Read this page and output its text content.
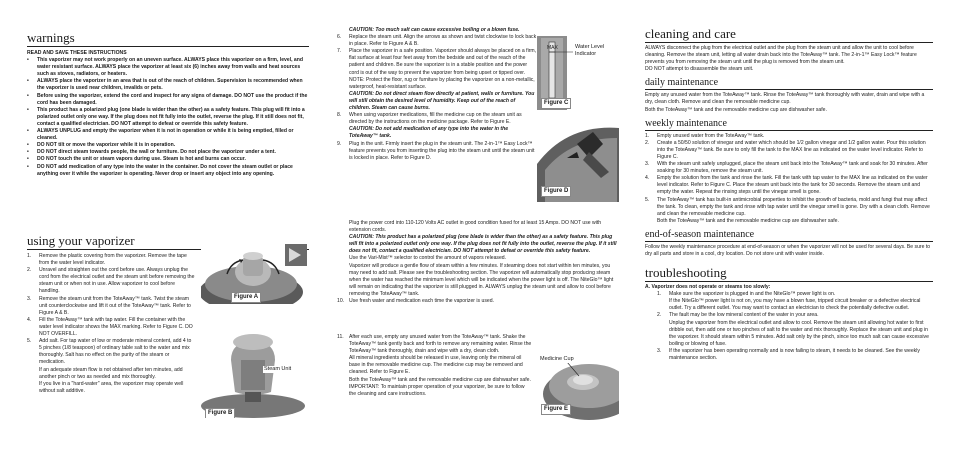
warnings

READ AND SAVE THESE INSTRUCTIONS

• This vaporizer may not work properly on an uneven surface. ALWAYS place this vaporizer on a firm, level, and water resistant surface. ALWAYS place the vaporizer at least six (6) inches away from walls and heat sources such as stoves, radiators, or heaters.
• ALWAYS place the vaporizer in an area that is out of the reach of children. Supervision is recommended when the vaporizer is used near children, invalids or pets.
• Before using the vaporizer, extend the cord and inspect for any signs of damage. DO NOT use the product if the cord has been damaged.
• This product has a polarized plug (one blade is wider than the other) as a safety feature. This plug will fit into a polarized outlet only one way. If the plug does not fit fully into the outlet, reverse the plug. If it still does not fit, contact a qualified electrician. DO NOT attempt to defeat or override this safety feature.
• ALWAYS UNPLUG and empty the vaporizer when it is not in operation or while it is being emptied, filled or cleaned.
• DO NOT tilt or move the vaporizer while it is in operation.
• DO NOT direct steam towards people, the wall or furniture. Do not place the vaporizer under a tent.
• DO NOT touch the unit or steam vapors during use. Steam is hot and burns can occur.
• DO NOT add medication of any type into the water in the container. Do not cover the steam outlet or place anything over it while the vaporizer is operating. Never drop or insert any object into any opening.
using your vaporizer
1. Remove the plastic covering from the vaporizer. Remove the tape from the water level indicator.
2. Unravel and straighten out the cord before use. Always unplug the cord from the electrical outlet and the steam unit before removing the steam unit or when not in use. Allow vaporizer to cool before handling.
3. Remove the steam unit from the ToteAway™ tank. Twist the steam unit counterclockwise and lift it out of the ToteAway™ tank. Refer to Figure A & B.
4. Fill the ToteAway™ tank with tap water. Fill the container with the water level indicator shows the MAX marking. Refer to Figure C. DO NOT OVERFILL.
5. Add salt. For tap water of low or moderate mineral content, add 4 to 5 pinches (1/8 teaspoon) of ordinary table salt to the water and mix thoroughly. Salt has no effect on the purity of the steam or medication.

If an adequate steam flow is not obtained after ten minutes, add another pinch or two as needed and mix thoroughly.

If you live in a "hard-water" area, the vaporizer may operate well without salt additive.

Figure A
Figure B
Steam Unit

CAUTION: Too much salt can cause excessive boiling or a blown fuse.

6. Replace the steam unit. Align the arrows as shown and twist clockwise to lock back in place. Refer to Figure A & B.
7. Place the vaporizer in a safe position. Vaporizer should always be placed on a firm, flat surface at least four feet away from the bedside and out of the reach of the patient and children. Be sure the vaporizer is in a stable position and the power cord is out of the way to prevent the vaporizer from being upset or tipped over.

NOTE: Protect the floor, rug or furniture by placing the vaporizer on a non-metallic, waterproof, heat-resistant surface.

CAUTION: Do not direct steam flow directly at patient, walls or furniture. You will still obtain the desired level of humidity. Keep out of the reach of children. Steam can cause burns.

8. When using vaporizer medications, fill the medicine cup on the steam unit as directed by the instructions on the medicine package. Refer to Figure E.

CAUTION: Do not add medication of any type into the water in the ToteAway™ tank.

9. Plug in the unit. Firmly insert the plug in the steam unit. The 2-in-1™ Easy Lock™ feature prevents you from inserting the plug into the steam unit until the steam unit is locked in place. Refer to Figure D.

Plug the power cord into 110-120 Volts AC outlet in good condition fused for at least 15 Amps. DO NOT use with extension cords.

CAUTION: This product has a polarized plug (one blade is wider than the other) as a safety feature. This plug will fit into a polarized outlet only one way. If the plug does not fit fully into the outlet, reverse the plug. If it still does not fit, contact a qualified electrician. DO NOT attempt to defeat or override this safety feature.

Use the Vari-Mist™ selector to control the amount of vapors released.

Vaporizer will produce a gentle flow of steam within a few minutes. If steaming does not start within ten minutes, you may need to add salt. Please see the troubleshooting section. The vaporizer will automatically stop producing steam when the water has reached the minimum level which will be indicated when the power light is off. The NiteGlo™ light will remain on indicating that the vaporizer is still plugged in. ALWAYS unplug the steam unit and allow to cool before removing the ToteAway™ tank.

10. Use fresh water and medication each time the vaporizer is used.
11. After each use, empty any unused water from the ToteAway™ tank. Shake the ToteAway™ tank gently back and forth to remove any remaining water. Rinse the ToteAway™ tank thoroughly, drain and wipe with a dry, clean cloth.

All mineral ingredients should be released in use, leaving only the mineral oil base in the removable medicine cup. The medicine cup may be removed and cleaned. Refer to Figure E.

Both the ToteAway™ tank and the removable medicine cup are dishwasher safe.

IMPORTANT: To maintain proper operation of your vaporizer, be sure to follow the cleaning and care instructions.

MAX	Water Level Indicator
Figure C
Figure D
Medicine Cup
Figure E
cleaning and care

ALWAYS disconnect the plug from the electrical outlet and the plug from the steam unit and allow the unit to cool before cleaning. Remove the steam unit, letting all water drain back into the ToteAway™ tank. The 2-in-1™ Easy Lock™ feature prevents you from removing the steam unit until the plug is removed from the steam unit.

DO NOT attempt to disassemble the steam unit.

daily maintenance

Empty any unused water from the ToteAway™ tank. Rinse the ToteAway™ tank thoroughly with water, drain and wipe with a dry, clean cloth. Remove and clean the removable medicine cup.

Both the ToteAway™ tank and the removable medicine cup are dishwasher safe.

weekly maintenance
1. Empty unused water from the ToteAway™ tank.
2. Create a 50/50 solution of vinegar and water which should be 1/2 gallon vinegar and 1/2 gallon water. Pour this solution into the ToteAway™ tank. Be sure to only fill the tank to the MAX line as indicated on the water level indicator. Refer to Figure C.
3. With the steam unit safely unplugged, place the steam unit back into the ToteAway™ tank and soak for 30 minutes. After soaking for 30 minutes, remove the steam unit.
4. Empty the solution from the tank and rinse the tank. Fill the tank with tap water to the MAX line as indicated on the water level indicator. Refer to Figure C. Place the steam unit back into the tank for 30 seconds. Remove the steam unit and empty the water. Repeat the rinsing steps until the vinegar smell is gone.
5. The ToteAway™ tank has built-in antimicrobial properties to inhibit the growth of bacteria, mold and fungi that may affect the tank. To clean, empty the tank and rinse with tap water until the vinegar smell is gone. Dry with a clean cloth. Remove and clean the removable medicine cup.

Both the ToteAway™ tank and the removable medicine cup are dishwasher safe.

end-of-season maintenance

Follow the weekly maintenance procedure at end-of-season or when the vaporizer will not be used for several days. Be sure to dry all parts and store in a cool, dry location. Do not store unit with water inside.

troubleshooting

A. Vaporizer does not operate or steams too slowly:

1. Make sure the vaporizer is plugged in and the NiteGlo™ power light is on.
If the NiteGlo™ power light is not on, you may have a blown fuse, tripped circuit breaker or a defective electrical outlet. Try a different outlet. You may want to contact an electrician to check the potentially defective outlet.
2. The fault may be the low mineral content of the water in your area.
Unplug the vaporizer from the electrical outlet and allow to cool. Remove the steam unit allowing hot water to first dribble out, then add one or two pinches of salt to the water and mix thoroughly. Replace the steam unit and plug in the vaporizer. It should steam within 5 minutes. Add salt only by the pinch, since too much salt can cause excessive boiling or blowing of fuse.
3. If the vaporizer has been operating normally and is now failing to steam, it needs to be cleaned. See the weekly maintenance section.
